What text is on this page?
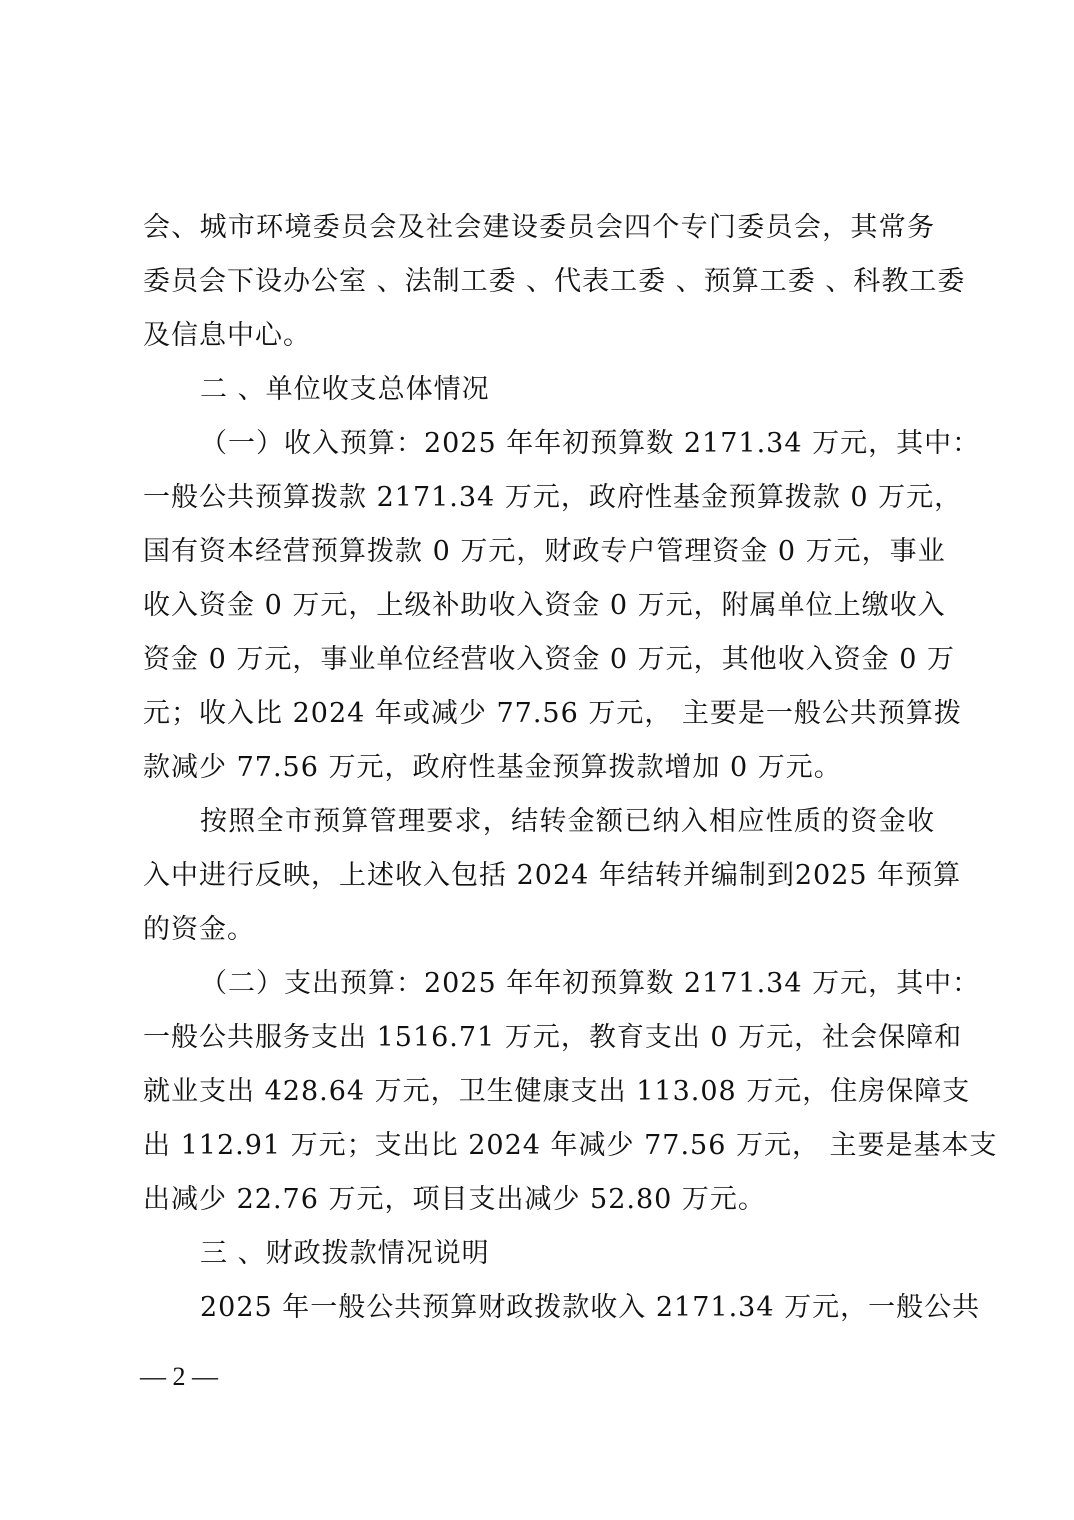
会、城市环境委员会及社会建设委员会四个专门委员会，其常务
委员会下设办公室 、法制工委 、代表工委 、预算工委 、科教工委
及信息中心。
二 、单位收支总体情况
（一）收入预算：2025 年年初预算数 2171.34 万元，其中：
一般公共预算拨款 2171.34 万元，政府性基金预算拨款 0 万元，
国有资本经营预算拨款 0 万元，财政专户管理资金 0 万元，事业
收入资金 0 万元，上级补助收入资金 0 万元，附属单位上缴收入
资金 0 万元，事业单位经营收入资金 0 万元，其他收入资金 0 万
元；收入比 2024 年或减少 77.56 万元， 主要是一般公共预算拨
款减少 77.56 万元，政府性基金预算拨款增加 0 万元。
按照全市预算管理要求，结转金额已纳入相应性质的资金收
入中进行反映，上述收入包括 2024 年结转并编制到2025 年预算
的资金。
（二）支出预算：2025 年年初预算数 2171.34 万元，其中：
一般公共服务支出 1516.71 万元，教育支出 0 万元，社会保障和
就业支出 428.64 万元，卫生健康支出 113.08 万元，住房保障支
出 112.91 万元；支出比 2024 年减少 77.56 万元， 主要是基本支
出减少 22.76 万元，项目支出减少 52.80 万元。
三 、财政拨款情况说明
2025 年一般公共预算财政拨款收入 2171.34 万元，一般公共
— 2 —
